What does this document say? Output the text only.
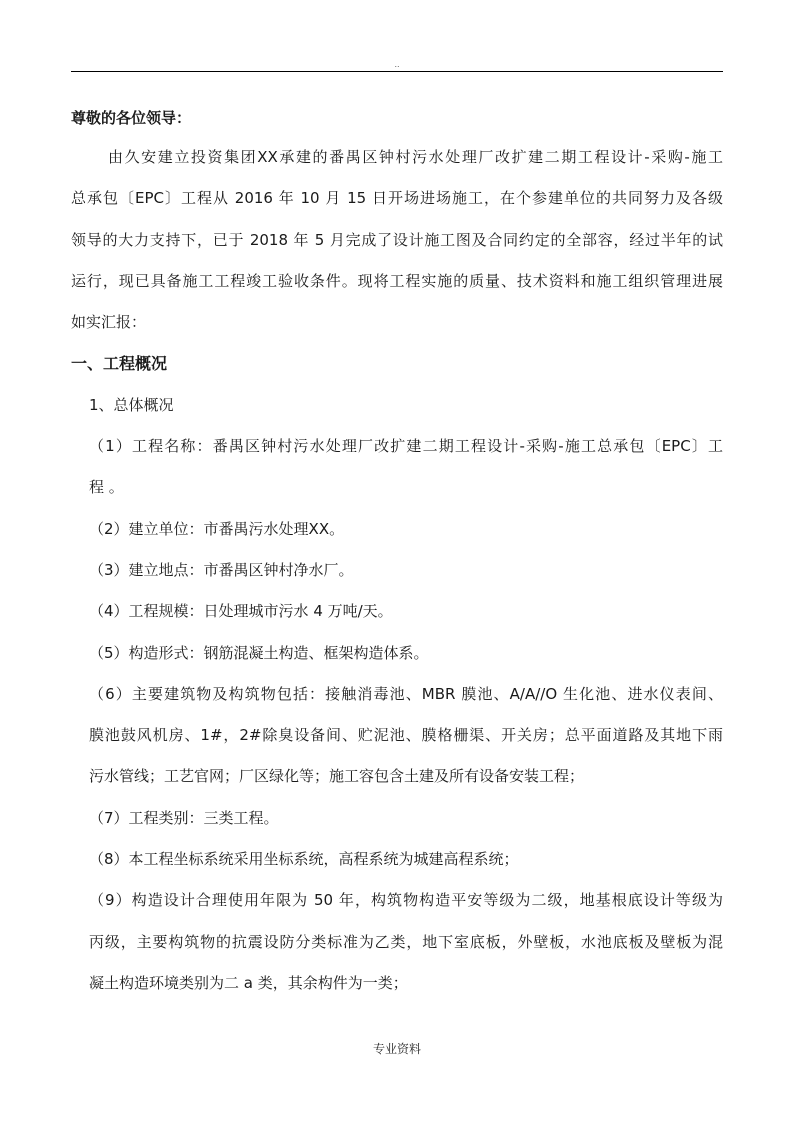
..
尊敬的各位领导：
由久安建立投资集团XX承建的番禺区钟村污水处理厂改扩建二期工程设计-采购-施工
总承包〔EPC〕工程从 2016 年 10 月 15 日开场进场施工，在个参建单位的共同努力及各级
领导的大力支持下，已于 2018 年 5 月完成了设计施工图及合同约定的全部容，经过半年的试
运行，现已具备施工工程竣工验收条件。现将工程实施的质量、技术资料和施工组织管理进展
如实汇报：
一、工程概况
1、总体概况
（1）工程名称：番禺区钟村污水处理厂改扩建二期工程设计-采购-施工总承包〔EPC〕工
程 。
（2）建立单位：市番禺污水处理XX。
（3）建立地点：市番禺区钟村净水厂。
（4）工程规模：日处理城市污水 4 万吨/天。
（5）构造形式：钢筋混凝土构造、框架构造体系。
（6）主要建筑物及构筑物包括：接触消毒池、MBR 膜池、A/A//O 生化池、进水仪表间、
膜池鼓风机房、1#，2#除臭设备间、贮泥池、膜格栅渠、开关房；总平面道路及其地下雨
污水管线；工艺官网；厂区绿化等；施工容包含土建及所有设备安装工程；
（7）工程类别：三类工程。
（8）本工程坐标系统采用坐标系统，高程系统为城建高程系统；
（9）构造设计合理使用年限为 50 年，构筑物构造平安等级为二级，地基根底设计等级为
丙级，主要构筑物的抗震设防分类标准为乙类，地下室底板，外壁板，水池底板及壁板为混
凝土构造环境类别为二 a 类，其余构件为一类；
专业资料
